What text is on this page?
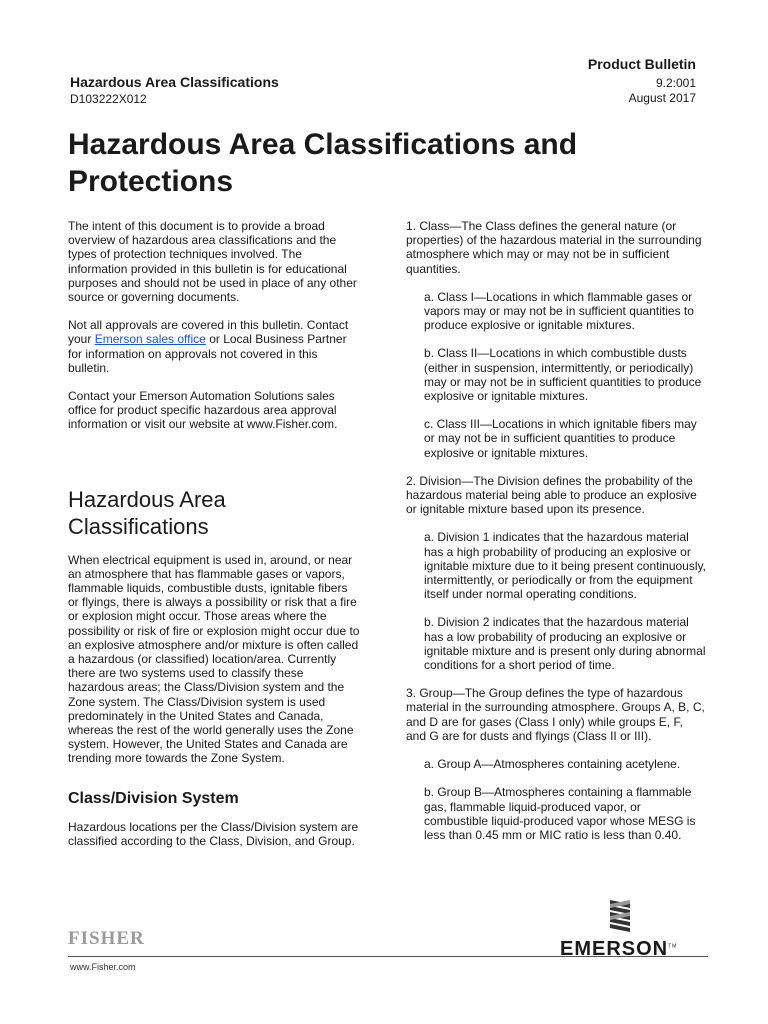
Hazardous Area Classifications
D103222X012
Product Bulletin
9.2:001
August 2017
Hazardous Area Classifications and Protections

The intent of this document is to provide a broad overview of hazardous area classifications and the types of protection techniques involved. The information provided in this bulletin is for educational purposes and should not be used in place of any other source or governing documents.

Not all approvals are covered in this bulletin. Contact your Emerson sales office or Local Business Partner for information on approvals not covered in this bulletin.

Contact your Emerson Automation Solutions sales office for product specific hazardous area approval information or visit our website at www.Fisher.com.

Hazardous Area Classifications

When electrical equipment is used in, around, or near an atmosphere that has flammable gases or vapors, flammable liquids, combustible dusts, ignitable fibers or flyings, there is always a possibility or risk that a fire or explosion might occur. Those areas where the possibility or risk of fire or explosion might occur due to an explosive atmosphere and/or mixture is often called a hazardous (or classified) location/area. Currently there are two systems used to classify these hazardous areas; the Class/Division system and the Zone system. The Class/Division system is used predominately in the United States and Canada, whereas the rest of the world generally uses the Zone system. However, the United States and Canada are trending more towards the Zone System.

Class/Division System

Hazardous locations per the Class/Division system are classified according to the Class, Division, and Group.

1. Class—The Class defines the general nature (or properties) of the hazardous material in the surrounding atmosphere which may or may not be in sufficient quantities.

a. Class I—Locations in which flammable gases or vapors may or may not be in sufficient quantities to produce explosive or ignitable mixtures.

b. Class II—Locations in which combustible dusts (either in suspension, intermittently, or periodically) may or may not be in sufficient quantities to produce explosive or ignitable mixtures.

c. Class III—Locations in which ignitable fibers may or may not be in sufficient quantities to produce explosive or ignitable mixtures.

2. Division—The Division defines the probability of the hazardous material being able to produce an explosive or ignitable mixture based upon its presence.

a. Division 1 indicates that the hazardous material has a high probability of producing an explosive or ignitable mixture due to it being present continuously, intermittently, or periodically or from the equipment itself under normal operating conditions.

b. Division 2 indicates that the hazardous material has a low probability of producing an explosive or ignitable mixture and is present only during abnormal conditions for a short period of time.

3. Group—The Group defines the type of hazardous material in the surrounding atmosphere. Groups A, B, C, and D are for gases (Class I only) while groups E, F, and G are for dusts and flyings (Class II or III).

a. Group A—Atmospheres containing acetylene.

b. Group B—Atmospheres containing a flammable gas, flammable liquid-produced vapor, or combustible liquid-produced vapor whose MESG is less than 0.45 mm or MIC ratio is less than 0.40.

FISHER
www.Fisher.com
EMERSON™
